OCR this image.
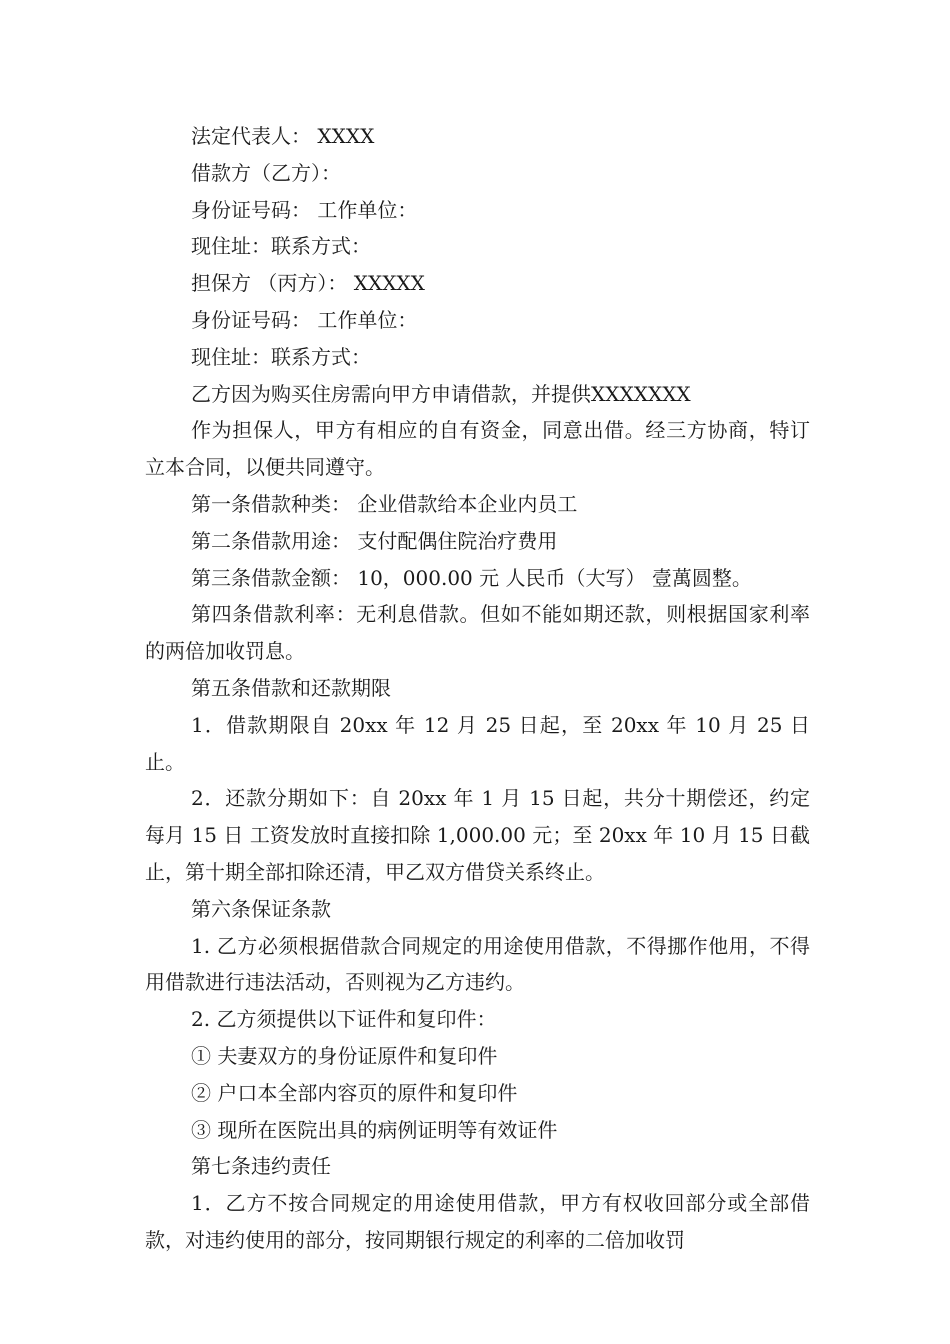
法定代表人： XXXX

借款方（乙方）：

身份证号码： 工作单位：

现住址：联系方式：

担保方 （丙方）： XXXXX

身份证号码： 工作单位：

现住址：联系方式：

乙方因为购买住房需向甲方申请借款，并提供XXXXXXX

作为担保人，甲方有相应的自有资金，同意出借。经三方协商，特订立本合同，以便共同遵守。

第一条借款种类： 企业借款给本企业内员工

第二条借款用途： 支付配偶住院治疗费用

第三条借款金额： 10，000.00 元 人民币（大写） 壹萬圆整。

第四条借款利率：无利息借款。但如不能如期还款，则根据国家利率的两倍加收罚息。

第五条借款和还款期限

1．借款期限自 20xx 年 12 月 25 日起，至 20xx 年 10 月 25 日止。

2．还款分期如下：自 20xx 年 1 月 15 日起，共分十期偿还，约定 每月 15 日 工资发放时直接扣除 1,000.00 元；至 20xx 年 10 月 15 日截止，第十期全部扣除还清，甲乙双方借贷关系终止。

第六条保证条款

1. 乙方必须根据借款合同规定的用途使用借款，不得挪作他用，不得用借款进行违法活动，否则视为乙方违约。

2. 乙方须提供以下证件和复印件：

① 夫妻双方的身份证原件和复印件

② 户口本全部内容页的原件和复印件

③ 现所在医院出具的病例证明等有效证件

第七条违约责任

1．乙方不按合同规定的用途使用借款，甲方有权收回部分或全部借款，对违约使用的部分，按同期银行规定的利率的二倍加收罚
